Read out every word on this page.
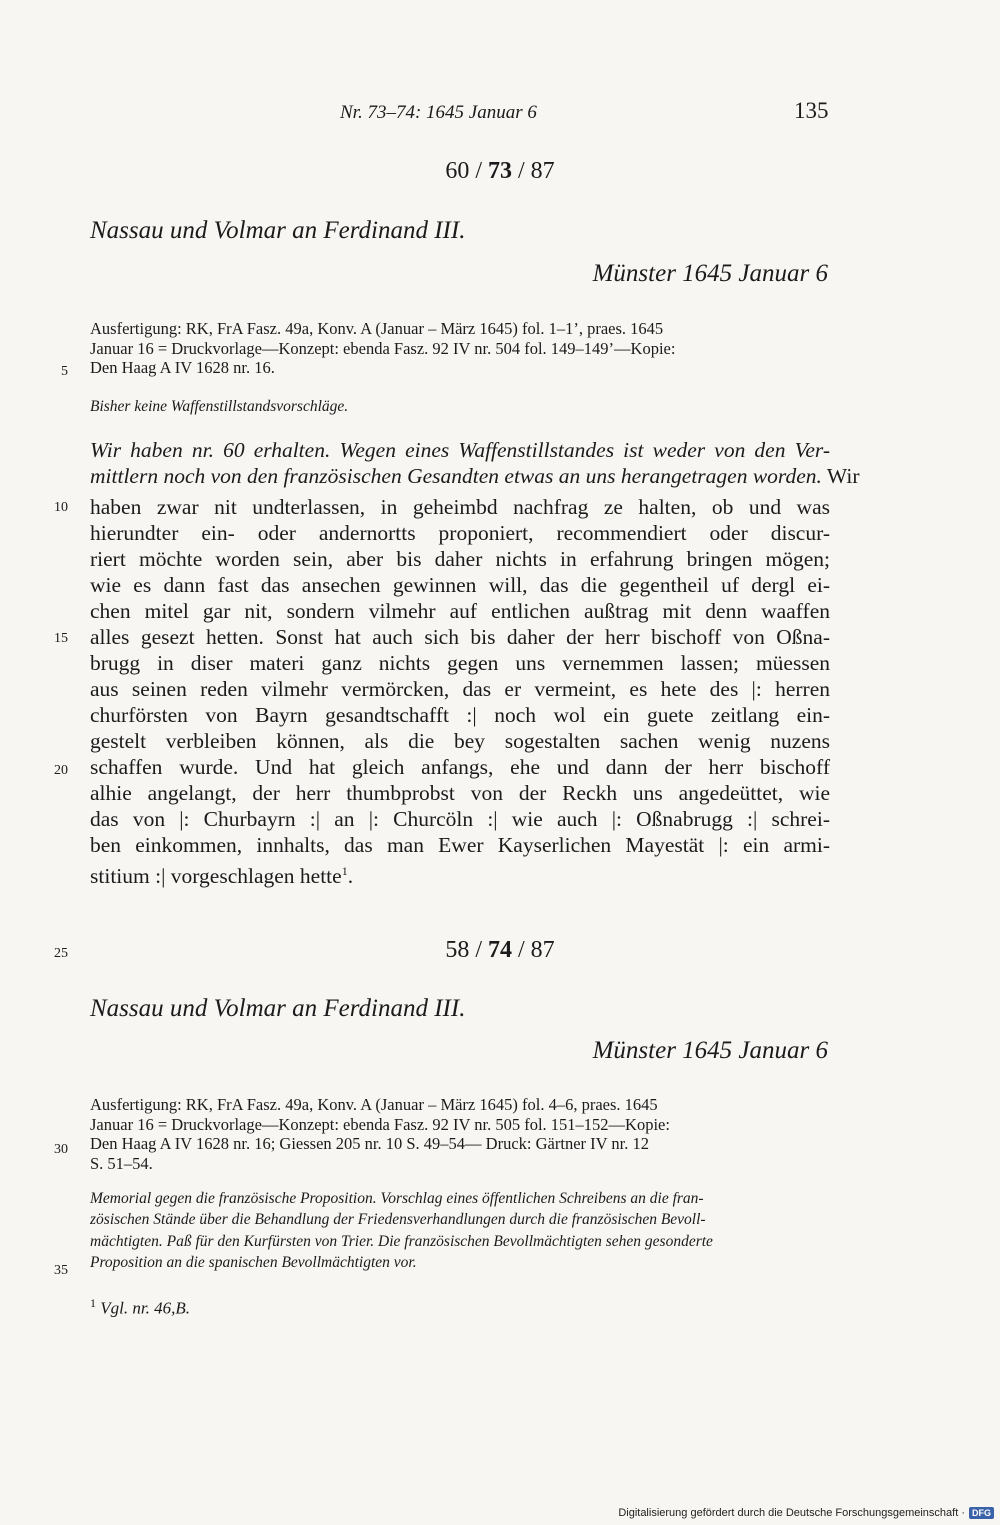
Nr. 73–74: 1645 Januar 6	135
60 / 73 / 87
Nassau und Volmar an Ferdinand III.
Münster 1645 Januar 6
Ausfertigung: RK, FrA Fasz. 49a, Konv. A (Januar – März 1645) fol. 1–1’, praes. 1645
Januar 16 = Druckvorlage—Konzept: ebenda Fasz. 92 IV nr. 504 fol. 149–149’—Kopie:
Den Haag A IV 1628 nr. 16.
Bisher keine Waffenstillstandsvorschläge.
Wir haben nr. 60 erhalten. Wegen eines Waffenstillstandes ist weder von den Ver-
mittlern noch von den französischen Gesandten etwas an uns herangetragen worden. Wir
haben zwar nit undterlassen, in geheimbd nachfrag ze halten, ob und was
hierundter ein- oder andernortts proponiert, recommendiert oder discur-
riert möchte worden sein, aber bis daher nichts in erfahrung bringen mögen;
wie es dann fast das ansechen gewinnen will, das die gegentheil uf dergl ei-
chen mitel gar nit, sondern vilmehr auf entlichen außtrag mit denn waaffen
alles gesezt hetten. Sonst hat auch sich bis daher der herr bischoff von Oßna-
brugg in diser materi ganz nichts gegen uns vernemmen lassen; müessen
aus seinen reden vilmehr vermörcken, das er vermeint, es hete des |: herren
churförsten von Bayrn gesandtschafft :| noch wol ein guete zeitlang ein-
gestelt verbleiben können, als die bey sogestalten sachen wenig nuzens
schaffen wurde. Und hat gleich anfangs, ehe und dann der herr bischoff
alhie angelangt, der herr thumbprobst von der Reckh uns angedeüttet, wie
das von |: Churbayrn :| an |: Churcöln :| wie auch |: Oßnabrugg :| schrei-
ben einkommen, innhalts, das man Ewer Kayserlichen Mayestät |: ein armi-
stitium :| vorgeschlagen hette$^1$.
58 / 74 / 87
Nassau und Volmar an Ferdinand III.
Münster 1645 Januar 6
Ausfertigung: RK, FrA Fasz. 49a, Konv. A (Januar – März 1645) fol. 4–6, praes. 1645
Januar 16 = Druckvorlage—Konzept: ebenda Fasz. 92 IV nr. 505 fol. 151–152—Kopie:
Den Haag A IV 1628 nr. 16; Giessen 205 nr. 10 S. 49–54— Druck: Gärtner IV nr. 12
S. 51–54.
Memorial gegen die französische Proposition. Vorschlag eines öffentlichen Schreibens an die fran-
zösischen Stände über die Behandlung der Friedensverhandlungen durch die französischen Bevoll-
mächtigten. Paß für den Kurfürsten von Trier. Die französischen Bevollmächtigten sehen gesonderte
Proposition an die spanischen Bevollmächtigten vor.
$^1$ Vgl. nr. 46,B.
5
10
15
20
25
30
35
Digitalisierung gefördert durch die Deutsche Forschungsgemeinschaft · DFG
